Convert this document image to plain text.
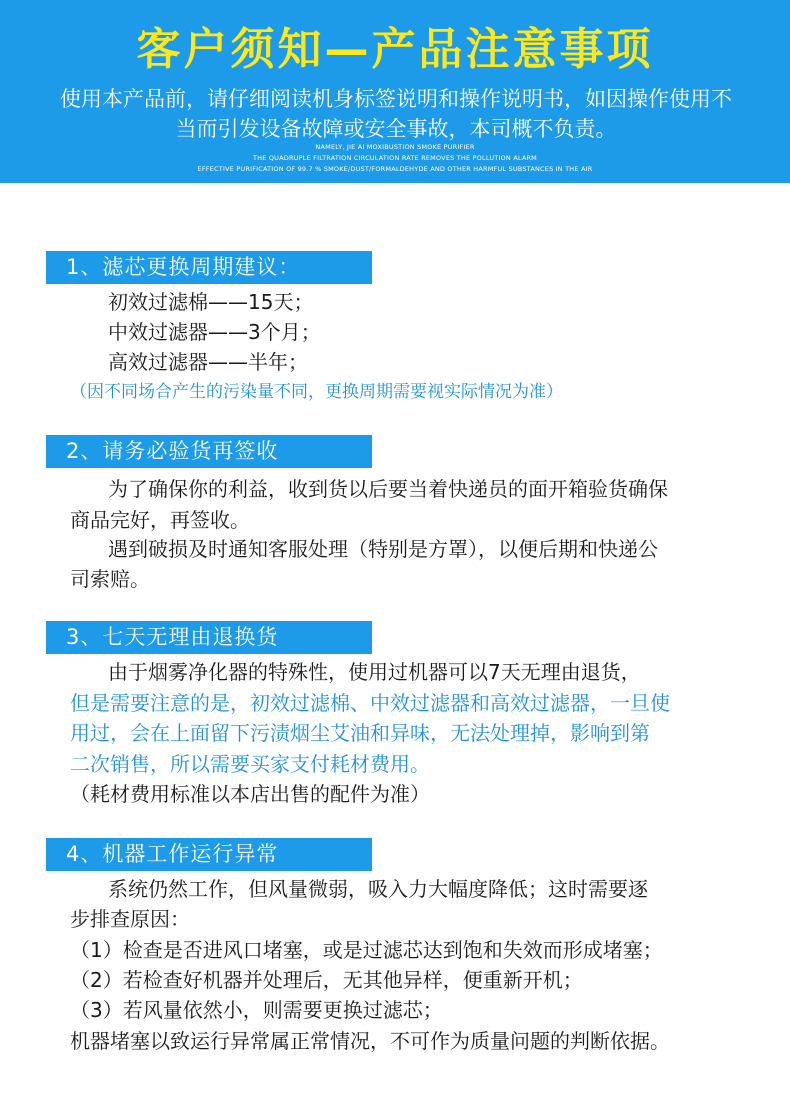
客户须知—产品注意事项
使用本产品前，请仔细阅读机身标签说明和操作说明书，如因操作使用不
当而引发设备故障或安全事故，本司概不负责。
NAMELY, JIE AI MOXIBUSTION SMOKE PURIFIER
THE QUADRUPLE FILTRATION CIRCULATION RATE REMOVES THE POLLUTION ALARM
EFFECTIVE PURIFICATION OF 99.7 % SMOKE/DUST/FORMALDEHYDE AND OTHER HARMFUL SUBSTANCES IN THE AIR
1、滤芯更换周期建议：
初效过滤棉——15天；
中效过滤器——3个月；
高效过滤器——半年；
（因不同场合产生的污染量不同，更换周期需要视实际情况为准）
2、请务必验货再签收
为了确保你的利益，收到货以后要当着快递员的面开箱验货确保
商品完好，再签收。
遇到破损及时通知客服处理（特别是方罩），以便后期和快递公
司索赔。
3、七天无理由退换货
由于烟雾净化器的特殊性，使用过机器可以7天无理由退货，
但是需要注意的是，初效过滤棉、中效过滤器和高效过滤器，一旦使
用过，会在上面留下污渍烟尘艾油和异味，无法处理掉，影响到第
二次销售，所以需要买家支付耗材费用。
（耗材费用标准以本店出售的配件为准）
4、机器工作运行异常
系统仍然工作，但风量微弱，吸入力大幅度降低；这时需要逐
步排查原因：
（1）检查是否进风口堵塞，或是过滤芯达到饱和失效而形成堵塞；
（2）若检查好机器并处理后，无其他异样，便重新开机；
（3）若风量依然小，则需要更换过滤芯；
机器堵塞以致运行异常属正常情况，不可作为质量问题的判断依据。
